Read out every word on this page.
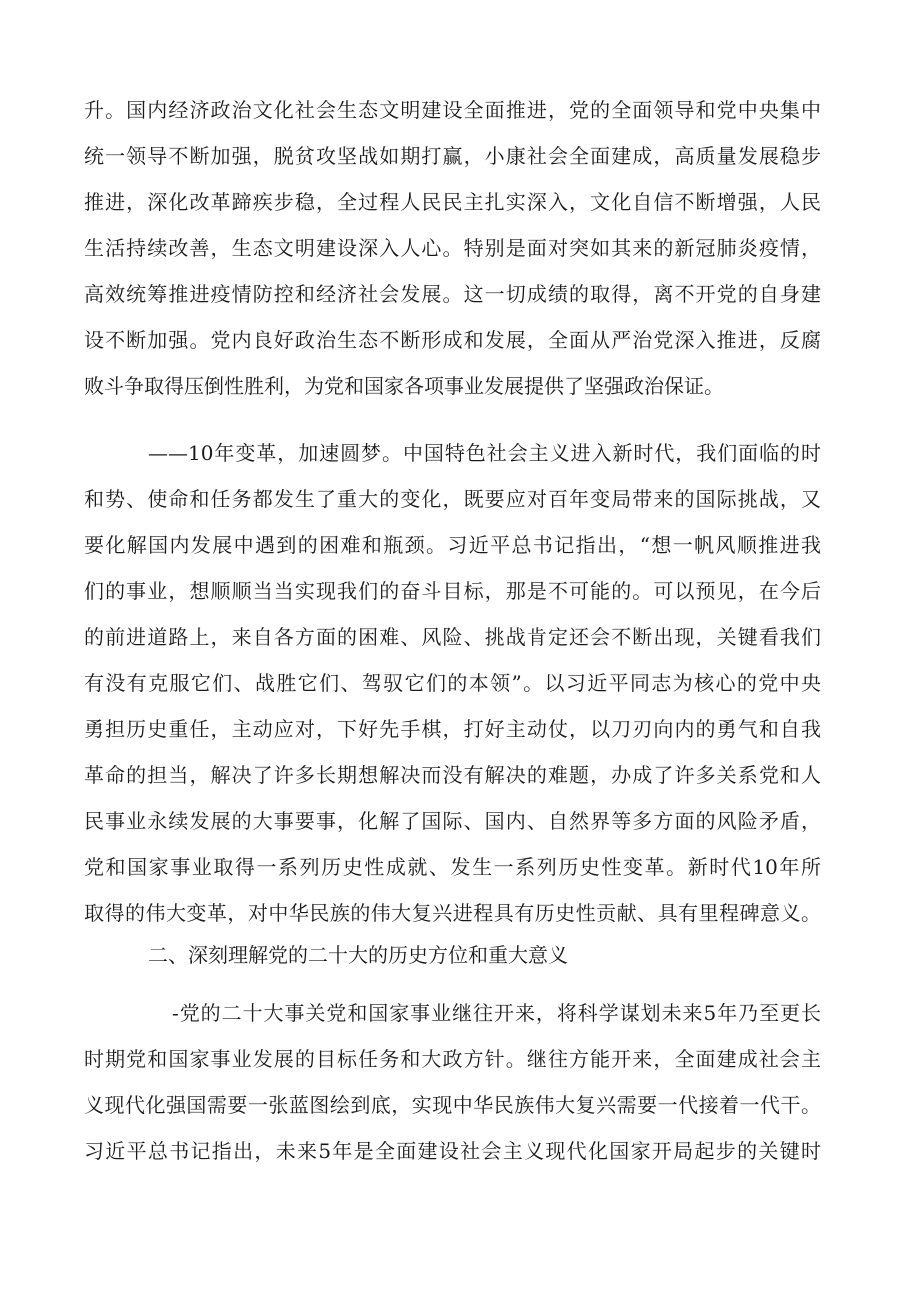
升。国内经济政治文化社会生态文明建设全面推进，党的全面领导和党中央集中
统一领导不断加强，脱贫攻坚战如期打赢，小康社会全面建成，高质量发展稳步
推进，深化改革蹄疾步稳，全过程人民民主扎实深入，文化自信不断增强，人民
生活持续改善，生态文明建设深入人心。特别是面对突如其来的新冠肺炎疫情，
高效统筹推进疫情防控和经济社会发展。这一切成绩的取得，离不开党的自身建
设不断加强。党内良好政治生态不断形成和发展，全面从严治党深入推进，反腐
败斗争取得压倒性胜利，为党和国家各项事业发展提供了坚强政治保证。
——10年变革，加速圆梦。中国特色社会主义进入新时代，我们面临的时
和势、使命和任务都发生了重大的变化，既要应对百年变局带来的国际挑战，又
要化解国内发展中遇到的困难和瓶颈。习近平总书记指出，“想一帆风顺推进我
们的事业，想顺顺当当实现我们的奋斗目标，那是不可能的。可以预见，在今后
的前进道路上，来自各方面的困难、风险、挑战肯定还会不断出现，关键看我们
有没有克服它们、战胜它们、驾驭它们的本领”。以习近平同志为核心的党中央
勇担历史重任，主动应对，下好先手棋，打好主动仗，以刀刃向内的勇气和自我
革命的担当，解决了许多长期想解决而没有解决的难题，办成了许多关系党和人
民事业永续发展的大事要事，化解了国际、国内、自然界等多方面的风险矛盾，
党和国家事业取得一系列历史性成就、发生一系列历史性变革。新时代10年所
取得的伟大变革，对中华民族的伟大复兴进程具有历史性贡献、具有里程碑意义。
二、深刻理解党的二十大的历史方位和重大意义
-党的二十大事关党和国家事业继往开来，将科学谋划未来5年乃至更长
时期党和国家事业发展的目标任务和大政方针。继往方能开来，全面建成社会主
义现代化强国需要一张蓝图绘到底，实现中华民族伟大复兴需要一代接着一代干。
习近平总书记指出，未来5年是全面建设社会主义现代化国家开局起步的关键时
